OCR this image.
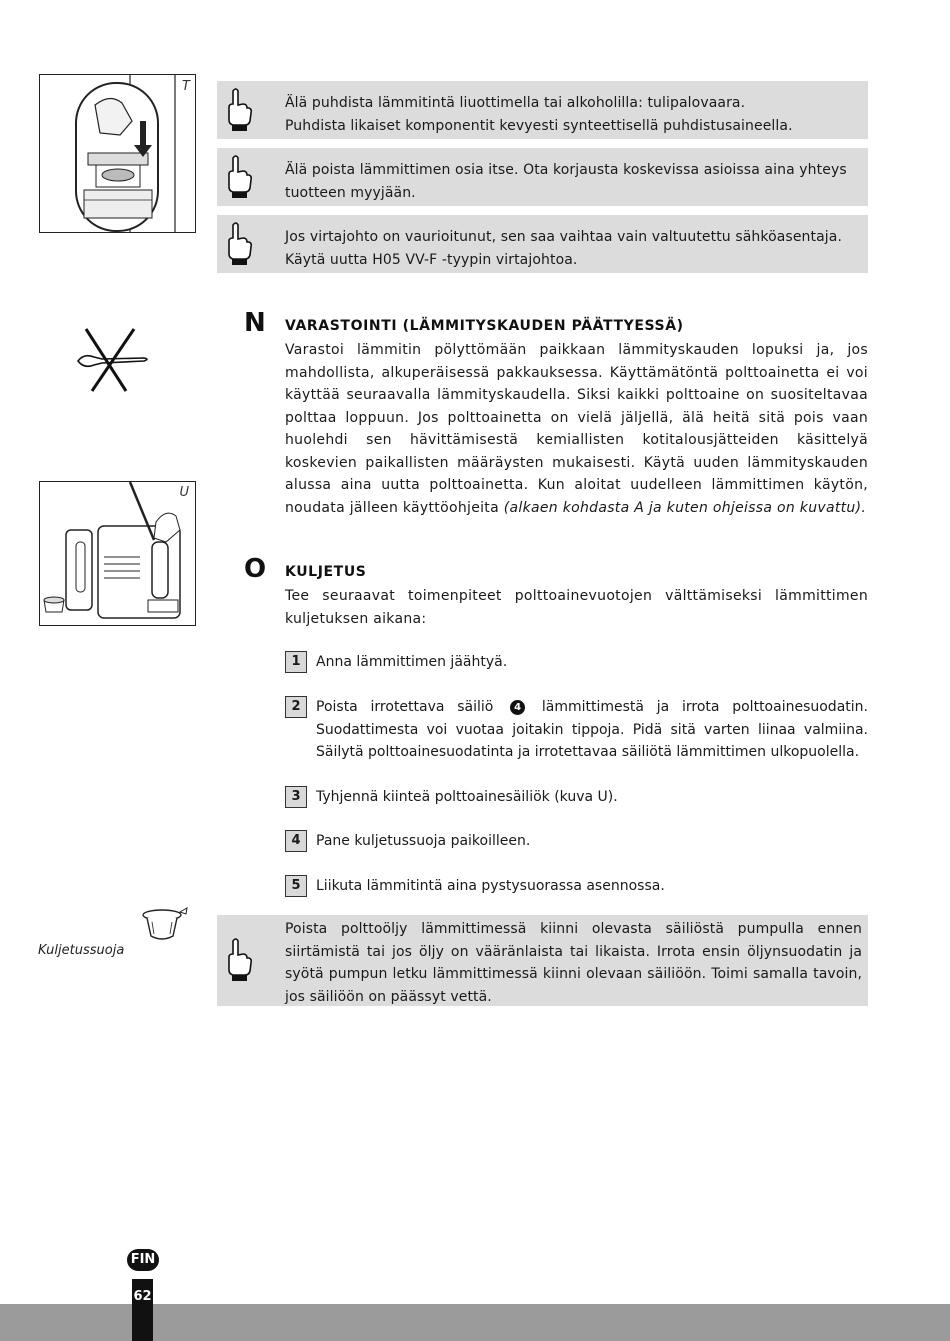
T
Älä puhdista lämmitintä liuottimella tai alkoholilla: tulipalovaara.
Puhdista likaiset komponentit kevyesti synteettisellä puhdistusaineella.
Älä poista lämmittimen osia itse. Ota korjausta koskevissa asioissa aina yhteys
tuotteen myyjään.
Jos virtajohto on vaurioitunut, sen saa vaihtaa vain valtuutettu sähköasentaja.
Käytä uutta H05 VV-F -tyypin virtajohtoa.
N VARASTOINTI (LÄMMITYSKAUDEN PÄÄTTYESSÄ)
Varastoi lämmitin pölyttömään paikkaan lämmityskauden lopuksi ja, jos mahdollista, alkuperäisessä pakkauksessa. Käyttämätöntä polttoainetta ei voi käyttää seuraavalla lämmityskaudella. Siksi kaikki polttoaine on suositeltavaa polttaa loppuun. Jos polttoainetta on vielä jäljellä, älä heitä sitä pois vaan huolehdi sen hävittämisestä kemiallisten kotitalousjätteiden käsittelyä koskevien paikallisten määräysten mukaisesti. Käytä uuden lämmityskauden alussa aina uutta polttoainetta. Kun aloitat uudelleen lämmittimen käytön, noudata jälleen käyttöohjeita (alkaen kohdasta A ja kuten ohjeissa on kuvattu).
U
O KULJETUS
Tee seuraavat toimenpiteet polttoainevuotojen välttämiseksi lämmittimen kuljetuksen aikana:
1	Anna lämmittimen jäähtyä.
2	Poista irrotettava säiliö 4 lämmittimestä ja irrota polttoainesuodatin. Suodattimesta voi vuotaa joitakin tippoja. Pidä sitä varten liinaa valmiina. Säilytä polttoainesuodatinta ja irrotettavaa säiliötä lämmittimen ulkopuolella.
3	Tyhjennä kiinteä polttoainesäiliök (kuva U).
4	Pane kuljetussuoja paikoilleen.
5	Liikuta lämmitintä aina pystysuorassa asennossa.
Kuljetussuoja
Poista polttoöljy lämmittimessä kiinni olevasta säiliöstä pumpulla ennen siirtämistä tai jos öljy on vääränlaista tai likaista. Irrota ensin öljynsuodatin ja syötä pumpun letku lämmittimessä kiinni olevaan säiliöön. Toimi samalla tavoin, jos säiliöön on päässyt vettä.
FIN
62
